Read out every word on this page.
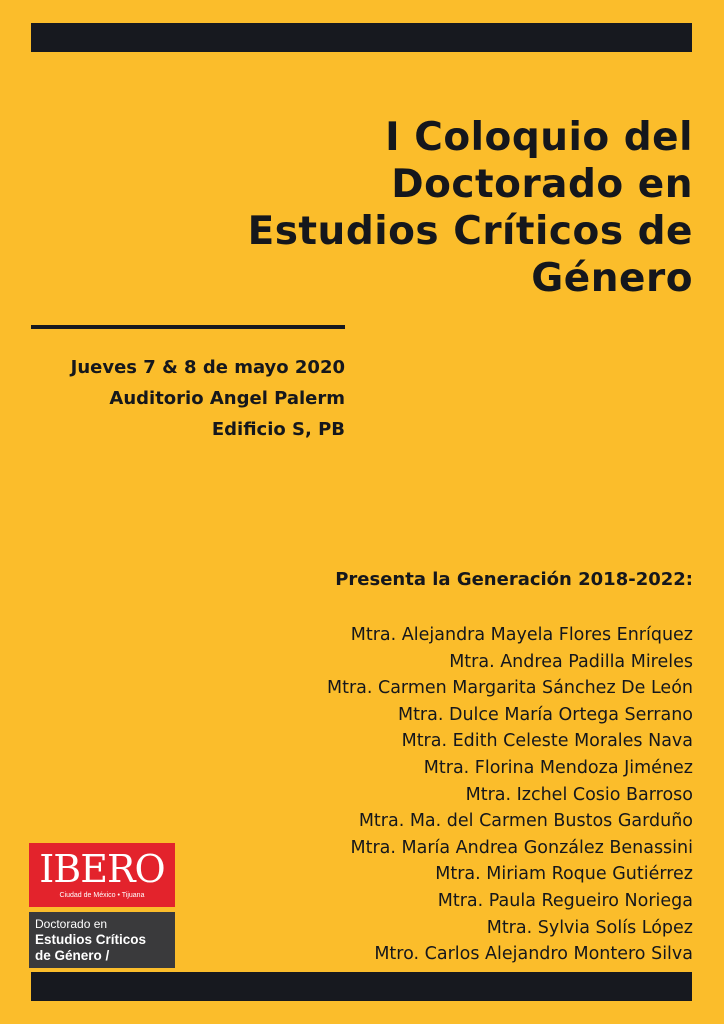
I Coloquio del
Doctorado en
Estudios Críticos de
Género
Jueves 7 & 8 de mayo 2020
Auditorio Angel Palerm
Edificio S, PB
Presenta la Generación 2018-2022:
Mtra. Alejandra Mayela Flores Enríquez
Mtra. Andrea Padilla Mireles
Mtra. Carmen Margarita Sánchez De León
Mtra. Dulce María Ortega Serrano
Mtra. Edith Celeste Morales Nava
Mtra. Florina Mendoza Jiménez
Mtra. Izchel Cosio Barroso
Mtra. Ma. del Carmen Bustos Garduño
Mtra. María Andrea González Benassini
Mtra. Miriam Roque Gutiérrez
Mtra. Paula Regueiro Noriega
Mtra. Sylvia Solís López
Mtro. Carlos Alejandro Montero Silva
IBERO
Ciudad de México • Tijuana
Doctorado en
Estudios Críticos
de Género /
